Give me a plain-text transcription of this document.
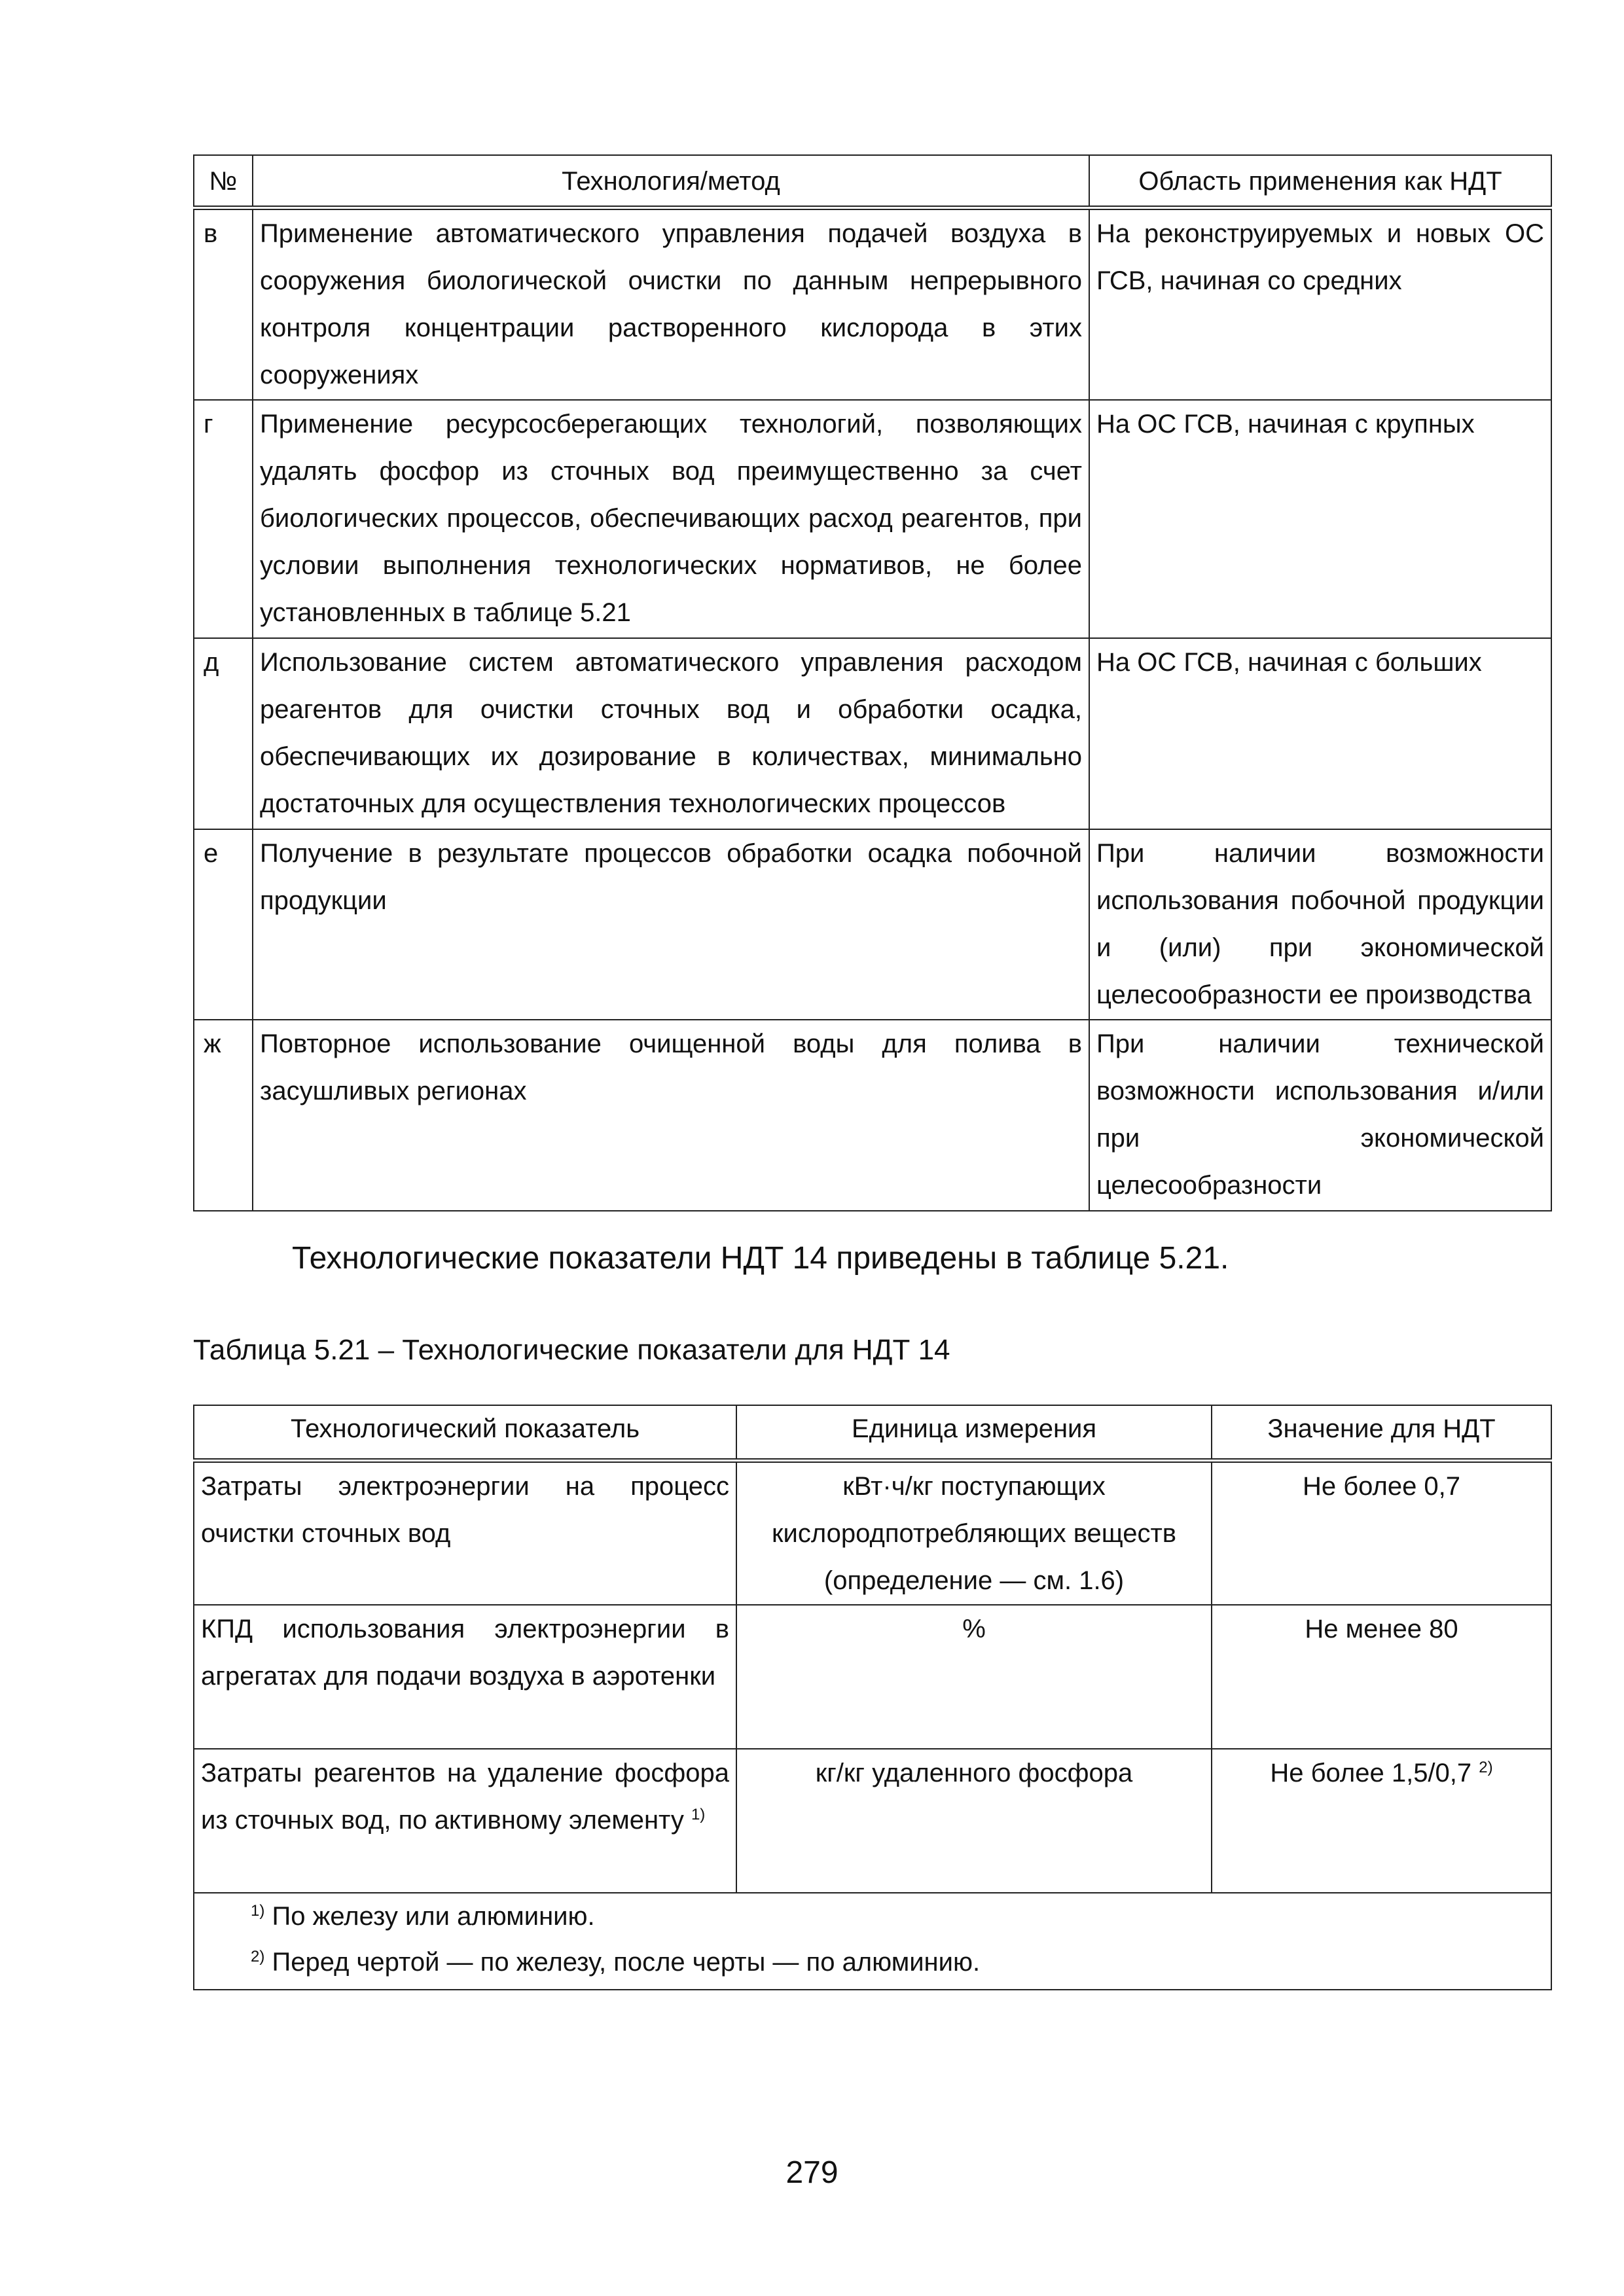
№	Технология/метод	Область применения как НДТ
в	Применение автоматического управления подачей воздуха в сооружения биологической очистки по данным непрерывного контроля концентрации растворенного кислорода в этих сооружениях	На реконструируемых и новых ОС ГСВ, начиная со средних
г	Применение ресурсосберегающих технологий, позволяющих удалять фосфор из сточных вод преимущественно за счет биологических процессов, обеспечивающих расход реагентов, при условии выполнения технологических нормативов, не более установленных в таблице 5.21	На ОС ГСВ, начиная с крупных
д	Использование систем автоматического управления расходом реагентов для очистки сточных вод и обработки осадка, обеспечивающих их дозирование в количествах, минимально достаточных для осуществления технологических процессов	На ОС ГСВ, начиная с больших
е	Получение в результате процессов обработки осадка побочной продукции	При наличии возможности использования побочной продукции и (или) при экономической целесообразности ее производства
ж	Повторное использование очищенной воды для полива в засушливых регионах	При наличии технической возможности использования и/или при экономической целесообразности
Технологические показатели НДТ 14 приведены в таблице 5.21.
Таблица 5.21 – Технологические показатели для НДТ 14
Технологический показатель	Единица измерения	Значение для НДТ
Затраты электроэнергии на процесс очистки сточных вод	кВт·ч/кг поступающих кислородпотребляющих веществ (определение — см. 1.6)	Не более 0,7
КПД использования электроэнергии в агрегатах для подачи воздуха в аэротенки	%	Не менее 80
Затраты реагентов на удаление фосфора из сточных вод, по активному элементу $^{1)}$	кг/кг удаленного фосфора	Не более 1,5/0,7 $^{2)}$

$^{1)}$ По железу или алюминию.
$^{2)}$ Перед чертой — по железу, после черты — по алюминию.		
279
